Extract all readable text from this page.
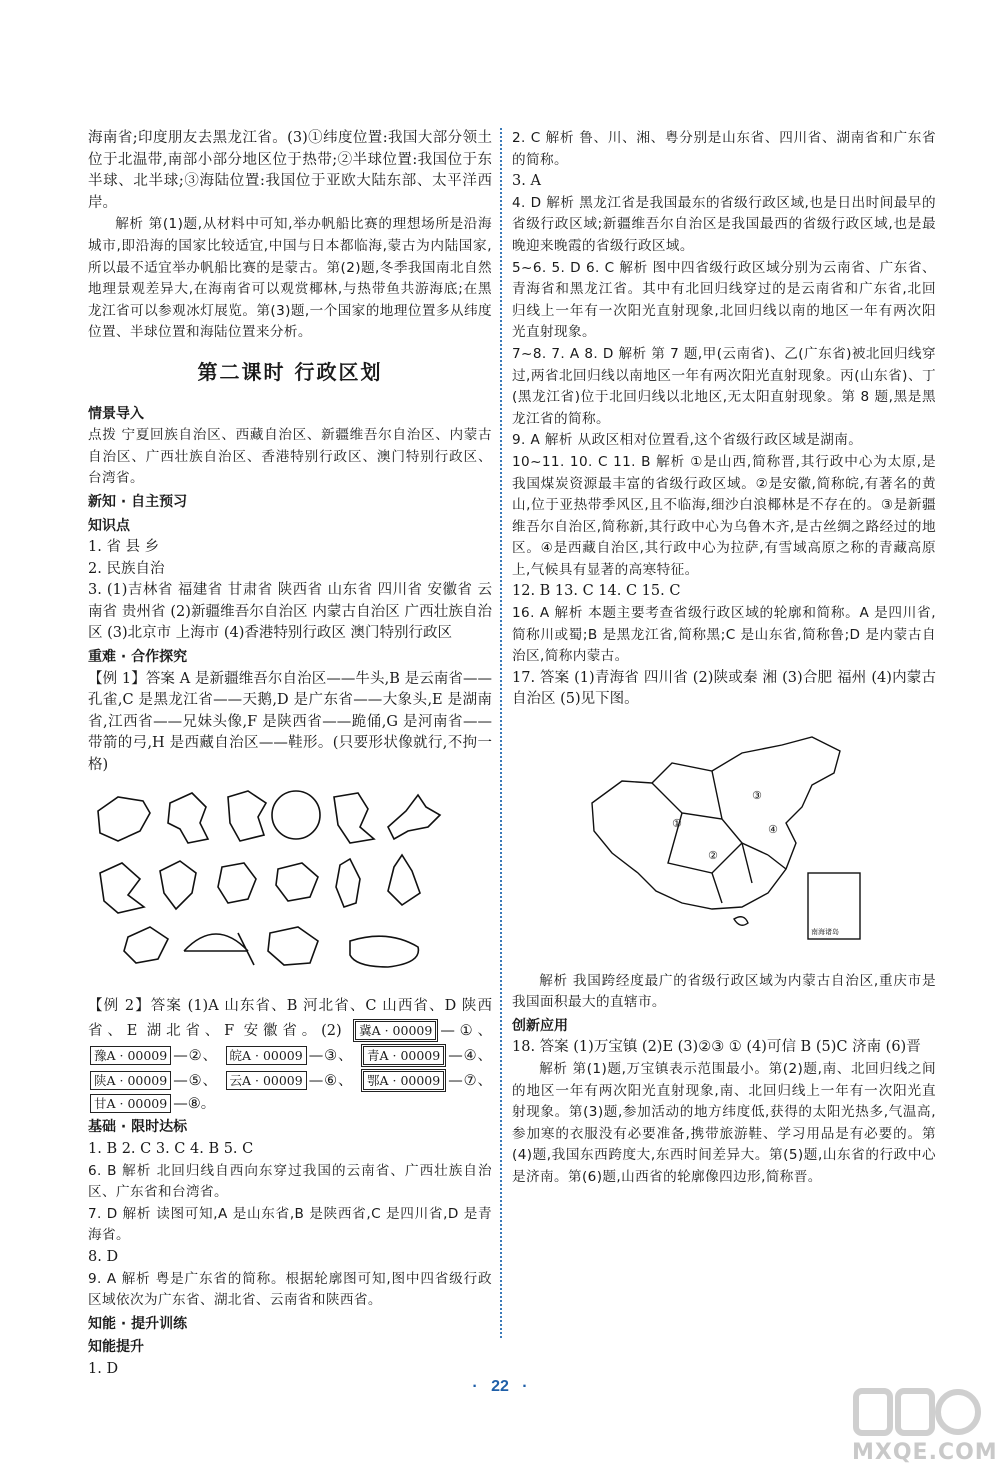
海南省;印度朋友去黑龙江省。(3)①纬度位置:我国大部分领土位于北温带,南部小部分地区位于热带;②半球位置:我国位于东半球、北半球;③海陆位置:我国位于亚欧大陆东部、太平洋西岸。

解析 第(1)题,从材料中可知,举办帆船比赛的理想场所是沿海城市,即沿海的国家比较适宜,中国与日本都临海,蒙古为内陆国家,所以最不适宜举办帆船比赛的是蒙古。第(2)题,冬季我国南北自然地理景观差异大,在海南省可以观赏椰林,与热带鱼共游海底;在黑龙江省可以参观冰灯展览。第(3)题,一个国家的地理位置多从纬度位置、半球位置和海陆位置来分析。

第二课时 行政区划
情景导入

点拨 宁夏回族自治区、西藏自治区、新疆维吾尔自治区、内蒙古自治区、广西壮族自治区、香港特别行政区、澳门特别行政区、台湾省。

新知 · 自主预习
知识点

1. 省 县 乡

2. 民族自治

3. (1)吉林省 福建省 甘肃省 陕西省 山东省 四川省 安徽省 云南省 贵州省 (2)新疆维吾尔自治区 内蒙古自治区 广西壮族自治区 (3)北京市 上海市 (4)香港特别行政区 澳门特别行政区

重难 · 合作探究

【例 1】答案 A 是新疆维吾尔自治区——牛头,B 是云南省——孔雀,C 是黑龙江省——天鹅,D 是广东省——大象头,E 是湖南省,江西省——兄妹头像,F 是陕西省——跪俑,G 是河南省——带箭的弓,H 是西藏自治区——鞋形。(只要形状像就行,不拘一格)

【例 2】答案 (1)A 山东省、B 河北省、C 山西省、D 陕西省、E 湖北省、F 安徽省。(2) 冀A · 00009 —①、 豫A · 00009 —②、 皖A · 00009 —③、 青A · 00009 —④、 陕A · 00009 —⑤、 云A · 00009 —⑥、 鄂A · 00009 —⑦、 甘A · 00009 —⑧。

基础 · 限时达标

1. B 2. C 3. C 4. B 5. C

6. B 解析 北回归线自西向东穿过我国的云南省、广西壮族自治区、广东省和台湾省。

7. D 解析 读图可知,A 是山东省,B 是陕西省,C 是四川省,D 是青海省。

8. D

9. A 解析 粤是广东省的简称。根据轮廓图可知,图中四省级行政区域依次为广东省、湖北省、云南省和陕西省。

知能 · 提升训练
知能提升

1. D

2. C 解析 鲁、川、湘、粤分别是山东省、四川省、湖南省和广东省的简称。

3. A

4. D 解析 黑龙江省是我国最东的省级行政区域,也是日出时间最早的省级行政区域;新疆维吾尔自治区是我国最西的省级行政区域,也是最晚迎来晚霞的省级行政区域。

5~6. 5. D 6. C 解析 图中四省级行政区域分别为云南省、广东省、青海省和黑龙江省。其中有北回归线穿过的是云南省和广东省,北回归线上一年有一次阳光直射现象,北回归线以南的地区一年有两次阳光直射现象。

7~8. 7. A 8. D 解析 第 7 题,甲(云南省)、乙(广东省)被北回归线穿过,两省北回归线以南地区一年有两次阳光直射现象。丙(山东省)、丁(黑龙江省)位于北回归线以北地区,无太阳直射现象。第 8 题,黑是黑龙江省的简称。

9. A 解析 从政区相对位置看,这个省级行政区域是湖南。

10~11. 10. C 11. B 解析 ①是山西,简称晋,其行政中心为太原,是我国煤炭资源最丰富的省级行政区域。②是安徽,简称皖,有著名的黄山,位于亚热带季风区,且不临海,细沙白浪椰林是不存在的。③是新疆维吾尔自治区,简称新,其行政中心为乌鲁木齐,是古丝绸之路经过的地区。④是西藏自治区,其行政中心为拉萨,有雪域高原之称的青藏高原上,气候具有显著的高寒特征。

12. B 13. C 14. C 15. C

16. A 解析 本题主要考查省级行政区域的轮廓和简称。A 是四川省,简称川或蜀;B 是黑龙江省,简称黑;C 是山东省,简称鲁;D 是内蒙古自治区,简称内蒙古。

17. 答案 (1)青海省 四川省 (2)陕或秦 湘 (3)合肥 福州 (4)内蒙古自治区 (5)见下图。

①
③
④
②
南海诸岛

解析 我国跨经度最广的省级行政区域为内蒙古自治区,重庆市是我国面积最大的直辖市。

创新应用

18. 答案 (1)万宝镇 (2)E (3)②③ ① (4)可信 B (5)C 济南 (6)晋

解析 第(1)题,万宝镇表示范围最小。第(2)题,南、北回归线之间的地区一年有两次阳光直射现象,南、北回归线上一年有一次阳光直射现象。第(3)题,参加活动的地方纬度低,获得的太阳光热多,气温高,参加寒的衣服没有必要准备,携带旅游鞋、学习用品是有必要的。第(4)题,我国东西跨度大,东西时间差异大。第(5)题,山东省的行政中心是济南。第(6)题,山西省的轮廓像四边形,简称晋。

·   22   ·
MXQE.COM
